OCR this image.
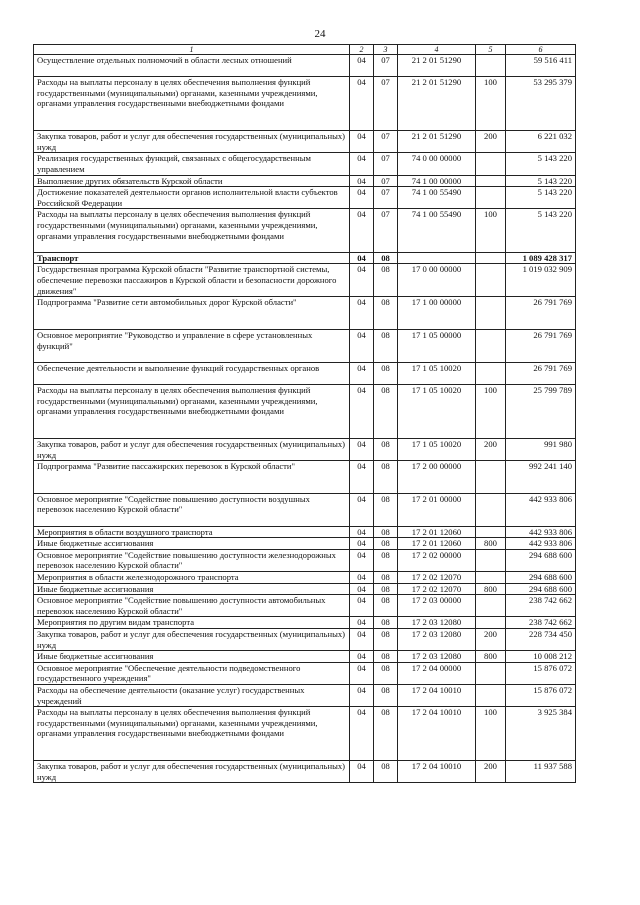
24
1	2	3	4	5	6
Осуществление отдельных полномочий в области лесных отношений	04	07	21 2 01 51290		59 516 411
Расходы на выплаты персоналу в целях обеспечения выполнения функций государственными (муниципальными) органами, казенными учреждениями, органами управления государственными внебюджетными фондами	04	07	21 2 01 51290	100	53 295 379
Закупка товаров, работ и услуг для обеспечения государственных (муниципальных) нужд	04	07	21 2 01 51290	200	6 221 032
Реализация государственных функций, связанных с общегосударственным управлением	04	07	74 0 00 00000		5 143 220
Выполнение других обязательств Курской области	04	07	74 1 00 00000		5 143 220
Достижение показателей деятельности органов исполнительной власти субъектов Российской Федерации	04	07	74 1 00 55490		5 143 220
Расходы на выплаты персоналу в целях обеспечения выполнения функций государственными (муниципальными) органами, казенными учреждениями, органами управления государственными внебюджетными фондами	04	07	74 1 00 55490	100	5 143 220
Транспорт	04	08			1 089 428 317
Государственная программа Курской области "Развитие транспортной системы, обеспечение перевозки пассажиров в Курской области и безопасности дорожного движения"	04	08	17 0 00 00000		1 019 032 909
Подпрограмма "Развитие сети автомобильных дорог Курской области"	04	08	17 1 00 00000		26 791 769
Основное мероприятие "Руководство и управление в сфере установленных функций"	04	08	17 1 05 00000		26 791 769
Обеспечение деятельности и выполнение функций государственных органов	04	08	17 1 05 10020		26 791 769
Расходы на выплаты персоналу в целях обеспечения выполнения функций государственными (муниципальными) органами, казенными учреждениями, органами управления государственными внебюджетными фондами	04	08	17 1 05 10020	100	25 799 789
Закупка товаров, работ и услуг для обеспечения государственных (муниципальных) нужд	04	08	17 1 05 10020	200	991 980
Подпрограмма "Развитие пассажирских перевозок в Курской области"	04	08	17 2 00 00000		992 241 140
Основное мероприятие "Содействие повышению доступности воздушных перевозок населению Курской области"	04	08	17 2 01 00000		442 933 806
Мероприятия в области воздушного транспорта	04	08	17 2 01 12060		442 933 806
Иные бюджетные ассигнования	04	08	17 2 01 12060	800	442 933 806
Основное мероприятие "Содействие повышению доступности железнодорожных перевозок населению Курской области"	04	08	17 2 02 00000		294 688 600
Мероприятия в области железнодорожного транспорта	04	08	17 2 02 12070		294 688 600
Иные бюджетные ассигнования	04	08	17 2 02 12070	800	294 688 600
Основное мероприятие "Содействие повышению доступности автомобильных перевозок населению Курской области"	04	08	17 2 03 00000		238 742 662
Мероприятия по другим видам транспорта	04	08	17 2 03 12080		238 742 662
Закупка товаров, работ и услуг для обеспечения государственных (муниципальных) нужд	04	08	17 2 03 12080	200	228 734 450
Иные бюджетные ассигнования	04	08	17 2 03 12080	800	10 008 212
Основное мероприятие "Обеспечение деятельности подведомственного государственного учреждения"	04	08	17 2 04 00000		15 876 072
Расходы на обеспечение деятельности (оказание услуг) государственных учреждений	04	08	17 2 04 10010		15 876 072
Расходы на выплаты персоналу в целях обеспечения выполнения функций государственными (муниципальными) органами, казенными учреждениями, органами управления государственными внебюджетными фондами	04	08	17 2 04 10010	100	3 925 384
Закупка товаров, работ и услуг для обеспечения государственных (муниципальных) нужд	04	08	17 2 04 10010	200	11 937 588
